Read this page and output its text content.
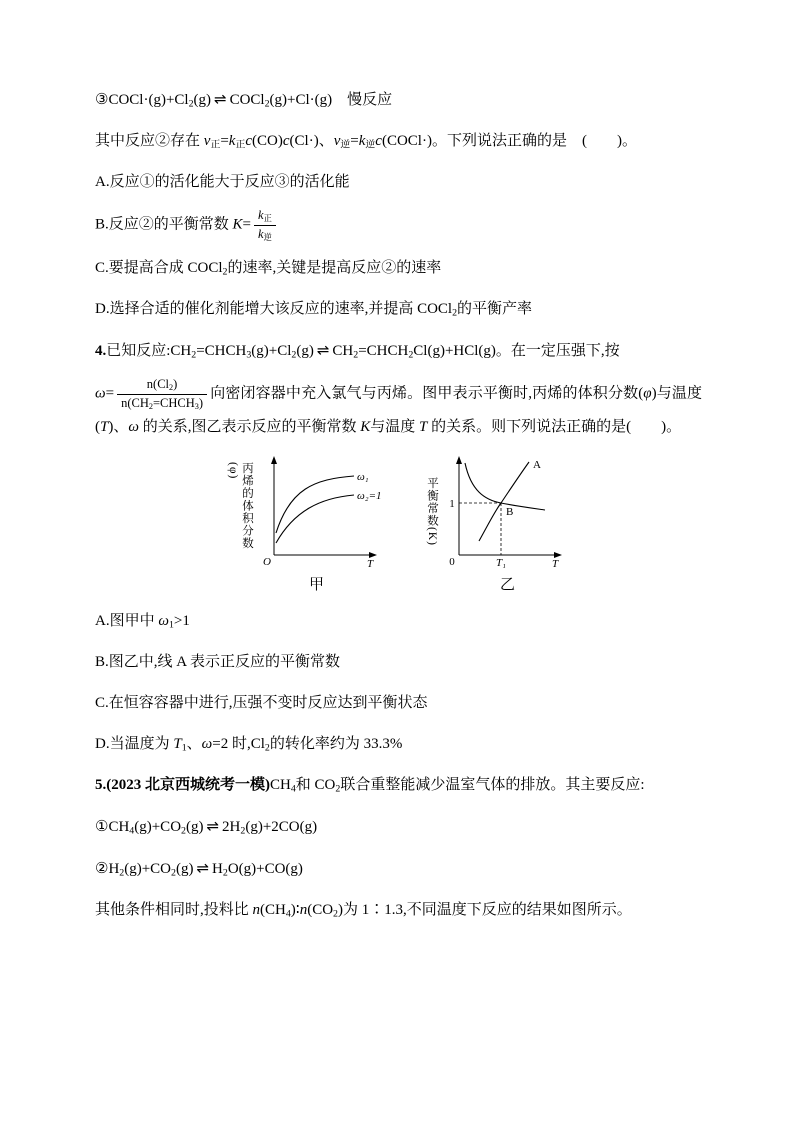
$③COCl\cdot(g)+Cl_2(g)$ ⇌ COCl$_2$(g)+Cl·(g)　慢反应

其中反应②存在 $v_正=k_正c(CO)c(Cl\cdot)$、$v_逆=k_逆c(COCl\cdot)$。下列说法正确的是　(　　)。

A.反应①的活化能大于反应③的活化能

B.反应②的平衡常数 $K= \frac{k_正}{k_逆}$

C.要提高合成 COCl$_2$的速率,关键是提高反应②的速率

D.选择合适的催化剂能增大该反应的速率,并提高 COCl$_2$的平衡产率

4.已知反应$:CH_2=CHCH_3(g)+Cl_2(g)$ ⇌ $CH_2=CHCH_2Cl(g)+HCl(g)$。在一定压强下,按

$\omega= \frac{n(Cl_2)}{n(CH_2=CHCH_3)}$ 向密闭容器中充入氯气与丙烯。图甲表示平衡时,丙烯的体积分数(φ)与温度(T)、ω 的关系,图乙表示反应的平衡常数 K与温度 T 的关系。则下列说法正确的是(　　)。

丙烯的体积分数(φ)	ω₁
ω₂=1
O	T
甲
平衡常数(K)
A
B
1
0	T₁	T
乙

A.图甲中 $\omega_1>1$

B.图乙中,线 A 表示正反应的平衡常数

C.在恒容容器中进行,压强不变时反应达到平衡状态

D.当温度为 $T_1$、ω=2 时$,Cl_2$的转化率约为 33.3%

5.(2023 北京西城统考一模)$CH_4$和 $CO_2$联合重整能减少温室气体的排放。其主要反应:

$①CH_4(g)+CO_2(g)$ ⇌ $2H_2(g)+2CO(g)$

$②H_2(g)+CO_2(g)$ ⇌ $H_2O(g)+CO(g)$

其他条件相同时,投料比 $n(CH_4)∶n(CO_2)$为 1∶1.3,不同温度下反应的结果如图所示。
